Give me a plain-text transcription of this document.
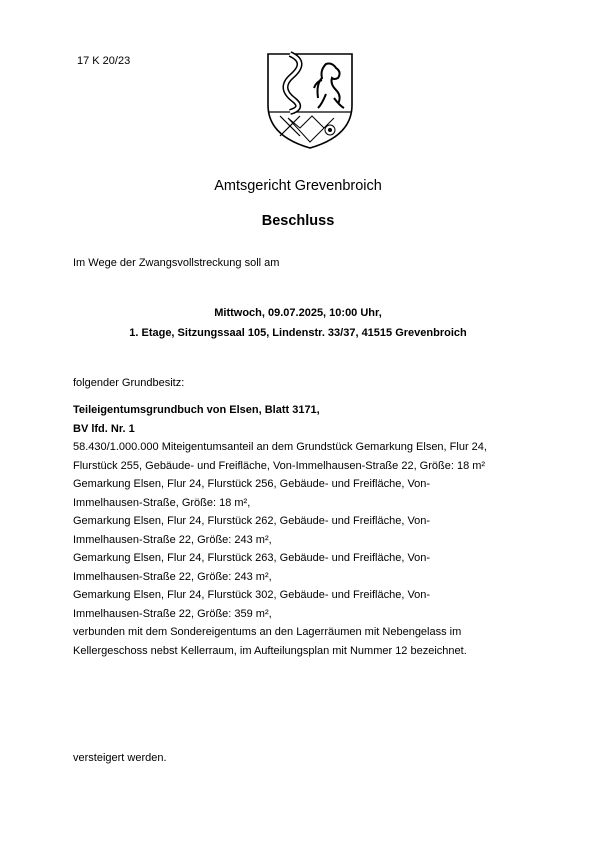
17 K 20/23
Amtsgericht Grevenbroich
Beschluss
Im Wege der Zwangsvollstreckung soll am
Mittwoch, 09.07.2025, 10:00 Uhr,
1. Etage, Sitzungssaal 105, Lindenstr. 33/37, 41515 Grevenbroich
folgender Grundbesitz:
Teileigentumsgrundbuch von Elsen, Blatt 3171,
BV lfd. Nr. 1
58.430/1.000.000 Miteigentumsanteil an dem Grundstück Gemarkung Elsen, Flur 24,
Flurstück 255, Gebäude- und Freifläche, Von-Immelhausen-Straße 22, Größe: 18 m²
Gemarkung Elsen, Flur 24, Flurstück 256, Gebäude- und Freifläche, Von-
Immelhausen-Straße, Größe: 18 m²,
Gemarkung Elsen, Flur 24, Flurstück 262, Gebäude- und Freifläche, Von-
Immelhausen-Straße 22, Größe: 243 m²,
Gemarkung Elsen, Flur 24, Flurstück 263, Gebäude- und Freifläche, Von-
Immelhausen-Straße 22, Größe: 243 m²,
Gemarkung Elsen, Flur 24, Flurstück 302, Gebäude- und Freifläche, Von-
Immelhausen-Straße 22, Größe: 359 m²,
verbunden mit dem Sondereigentums an den Lagerräumen mit Nebengelass im
Kellergeschoss nebst Kellerraum, im Aufteilungsplan mit Nummer 12 bezeichnet.
versteigert werden.
